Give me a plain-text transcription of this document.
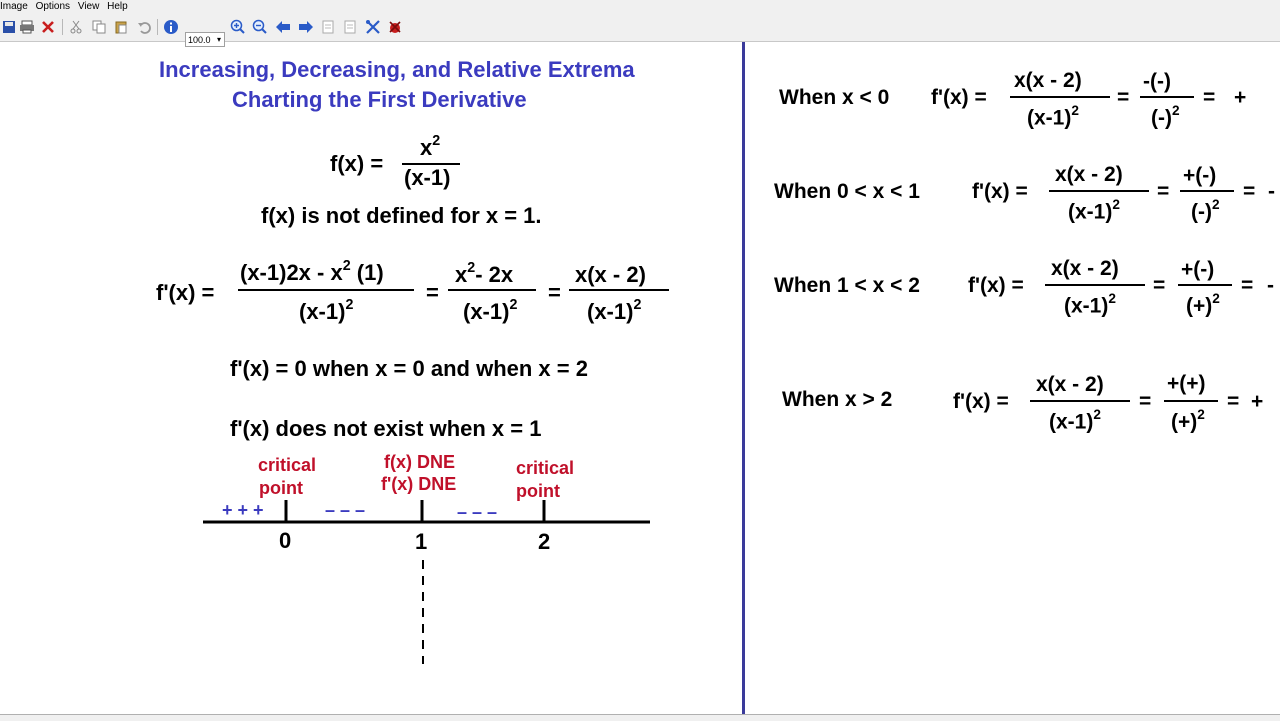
Image Options View Help
100.0 ▾
Increasing, Decreasing, and Relative Extrema
Charting the First Derivative
f(x) =
$x^2$
(x-1)
f(x) is not defined for x = 1.
f'(x) =
$(x-1)2x - x^2$ (1)
$(x-1)^2$	=
$x^2-$ 2x
$(x-1)^2$ =
x(x - 2)
$(x-1)^2$
f'(x) = 0 when x = 0 and when x = 2
f'(x) does not exist when x = 1
critical
point
f(x) DNE
f'(x) DNE
critical
point
+ + +	– – –	– – –
0	1	2
When x < 0 f'(x) =
x(x - 2)
$(x-1)^2$
=
-(-)
$(-)^2$
= +
When 0 < x < 1 f'(x) =
x(x - 2)
$(x-1)^2$
=
+(-)
$(-)^2$
= -
When 1 < x < 2 f'(x) =
x(x - 2)
$(x-1)^2$
=
+(-)
$(+)^2$
= -
When x > 2	f'(x) =
x(x - 2)
$(x-1)^2$
=
+(+)
$(+)^2$
= +
